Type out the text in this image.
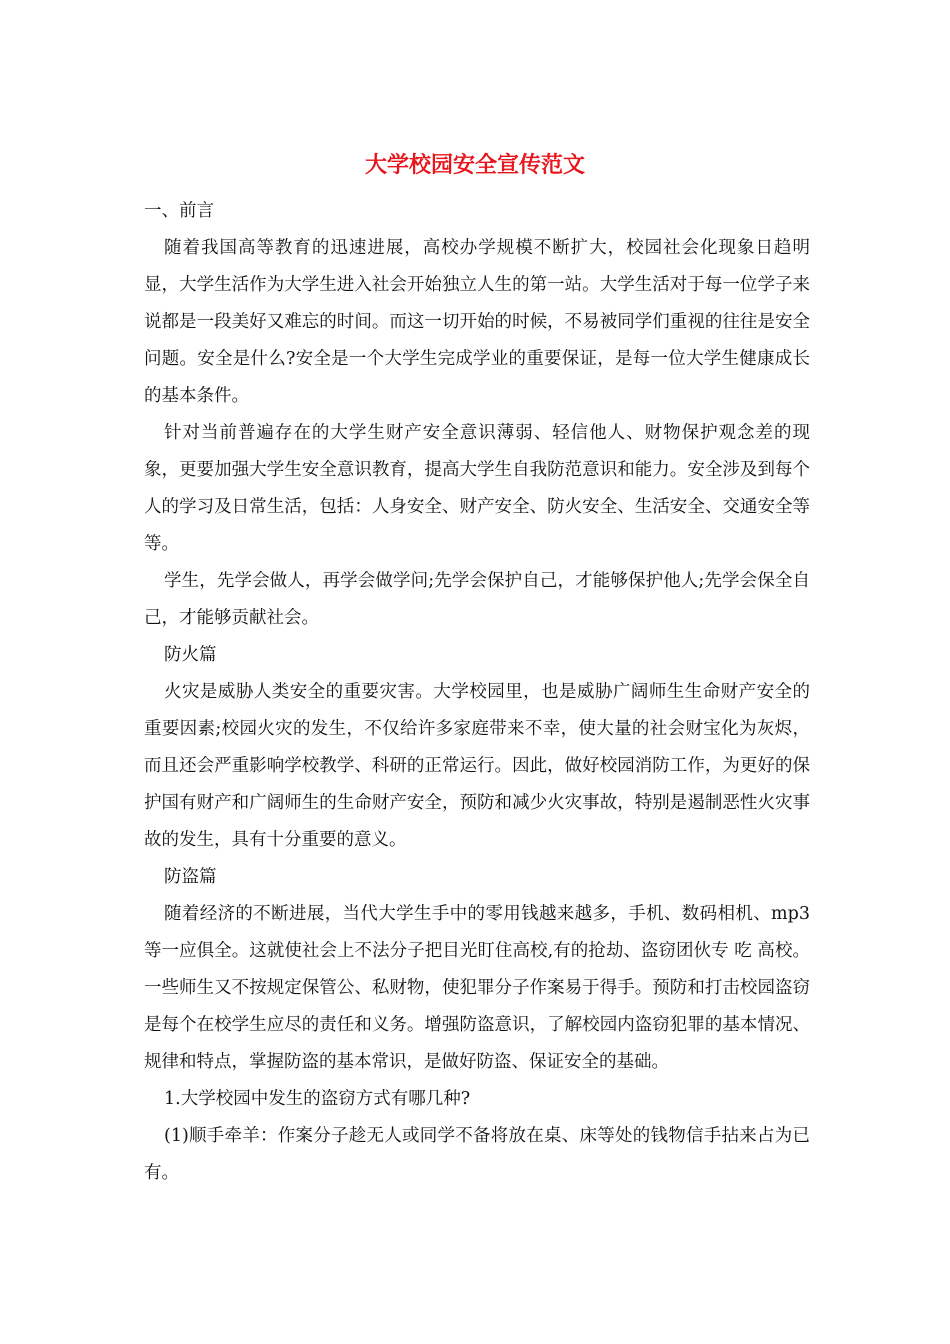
大学校园安全宣传范文

一、前言

随着我国高等教育的迅速进展，高校办学规模不断扩大，校园社会化现象日趋明显，大学生活作为大学生进入社会开始独立人生的第一站。大学生活对于每一位学子来说都是一段美好又难忘的时间。而这一切开始的时候，不易被同学们重视的往往是安全问题。安全是什么?安全是一个大学生完成学业的重要保证，是每一位大学生健康成长的基本条件。

针对当前普遍存在的大学生财产安全意识薄弱、轻信他人、财物保护观念差的现象，更要加强大学生安全意识教育，提高大学生自我防范意识和能力。安全涉及到每个人的学习及日常生活，包括：人身安全、财产安全、防火安全、生活安全、交通安全等等。

学生，先学会做人，再学会做学问;先学会保护自己，才能够保护他人;先学会保全自己，才能够贡献社会。

防火篇

火灾是威胁人类安全的重要灾害。大学校园里，也是威胁广阔师生生命财产安全的重要因素;校园火灾的发生，不仅给许多家庭带来不幸，使大量的社会财宝化为灰烬，而且还会严重影响学校教学、科研的正常运行。因此，做好校园消防工作，为更好的保护国有财产和广阔师生的生命财产安全，预防和减少火灾事故，特别是遏制恶性火灾事故的发生，具有十分重要的意义。

防盗篇

随着经济的不断进展，当代大学生手中的零用钱越来越多，手机、数码相机、mp3等一应俱全。这就使社会上不法分子把目光盯住高校,有的抢劫、盗窃团伙专 吃 高校。一些师生又不按规定保管公、私财物，使犯罪分子作案易于得手。预防和打击校园盗窃是每个在校学生应尽的责任和义务。增强防盗意识，了解校园内盗窃犯罪的基本情况、规律和特点，掌握防盗的基本常识，是做好防盗、保证安全的基础。

1.大学校园中发生的盗窃方式有哪几种?

(1)顺手牵羊：作案分子趁无人或同学不备将放在桌、床等处的钱物信手拈来占为已有。
